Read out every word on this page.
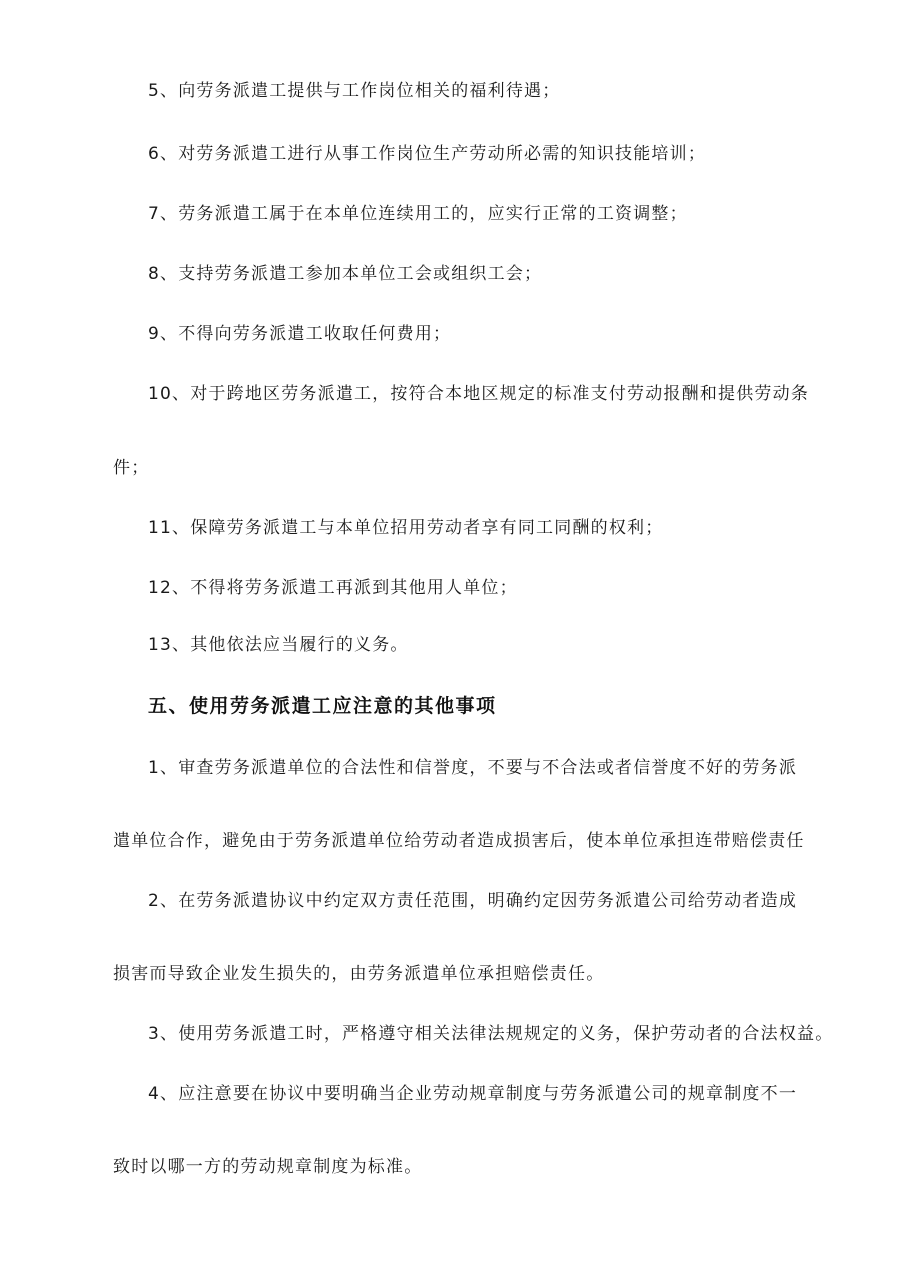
5、向劳务派遣工提供与工作岗位相关的福利待遇；
6、对劳务派遣工进行从事工作岗位生产劳动所必需的知识技能培训；
7、劳务派遣工属于在本单位连续用工的，应实行正常的工资调整；
8、支持劳务派遣工参加本单位工会或组织工会；
9、不得向劳务派遣工收取任何费用；
10、对于跨地区劳务派遣工，按符合本地区规定的标准支付劳动报酬和提供劳动条
件；
11、保障劳务派遣工与本单位招用劳动者享有同工同酬的权利；
12、不得将劳务派遣工再派到其他用人单位；
13、其他依法应当履行的义务。
五、使用劳务派遣工应注意的其他事项
1、审查劳务派遣单位的合法性和信誉度，不要与不合法或者信誉度不好的劳务派
遣单位合作，避免由于劳务派遣单位给劳动者造成损害后，使本单位承担连带赔偿责任
2、在劳务派遣协议中约定双方责任范围，明确约定因劳务派遣公司给劳动者造成
损害而导致企业发生损失的，由劳务派遣单位承担赔偿责任。
3、使用劳务派遣工时，严格遵守相关法律法规规定的义务，保护劳动者的合法权益。
4、应注意要在协议中要明确当企业劳动规章制度与劳务派遣公司的规章制度不一
致时以哪一方的劳动规章制度为标准。
